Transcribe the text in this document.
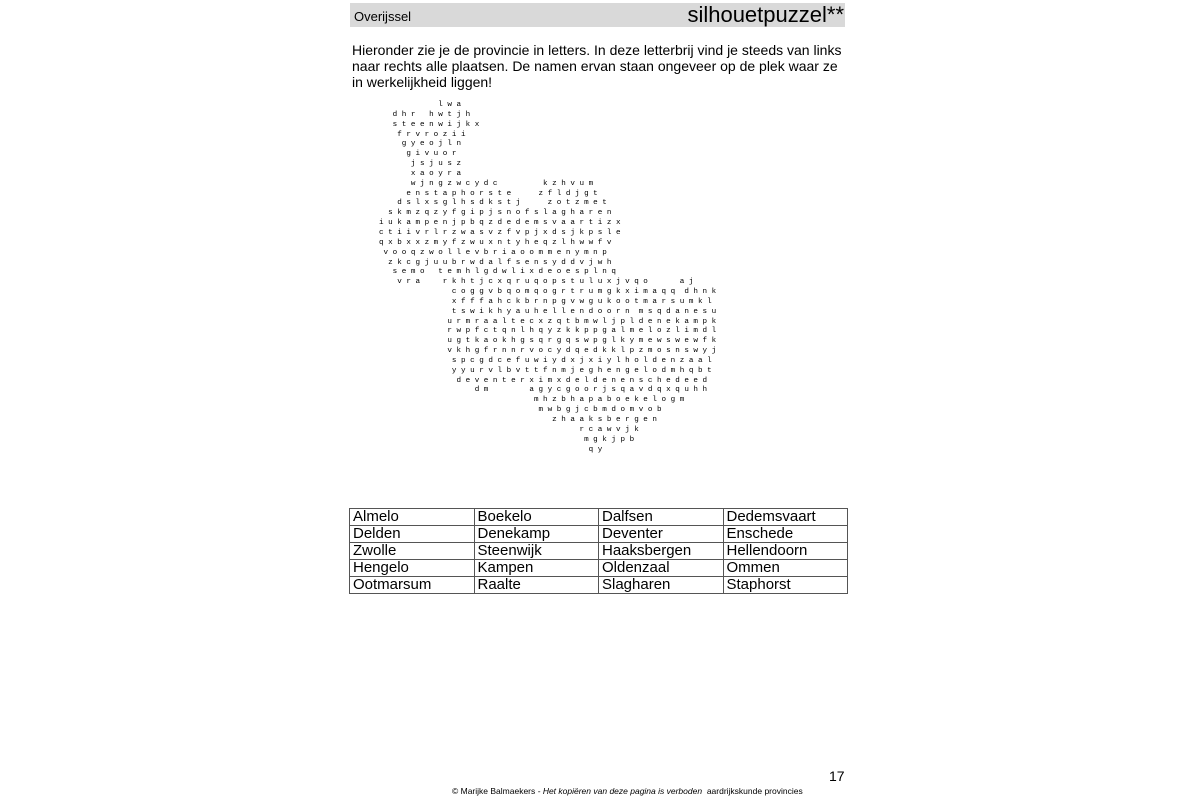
Overijssel	silhouetpuzzel**

Hieronder zie je de provincie in letters. In deze letterbrij vind je steeds van links naar rechts alle plaatsen. De namen ervan staan ongeveer op de plek waar ze in werkelijkheid liggen!

l w a
d h r   h w t j h
s t e e n w i j k x
f r v r o z i i
g y e o j l n
g i v u o r
j s j u s z
x a o y r a
w j n g z w c y d c          k z h v u m
e n s t a p h o r s t e      z f l d j g t
d s l x s g l h s d k s t j      z o t z m e t
s k m z q z y f g i p j s n o f s l a g h a r e n
i u k a m p e n j p b q z d e d e m s v a a r t i z x
c t i i v r l r z w a s v z f v p j x d s j k p s l e
q x b x x z m y f z w u x n t y h e q z l h w w f v
v o o q z w o l l e v b r i a o o m m e n y m n p
z k c g j u u b r w d a l f s e n s y d d v j w h
s e m o   t e m h l g d w l i x d e o e s p l n q
v r a     r k h t j c x q r u q o p s t u l u x j v q o       a j
c o g g v b q o m q o g r t r u m g k x i m a q q  d h n k
x f f f a h c k b r n p g v w g u k o o t m a r s u m k l
t s w i k h y a u h e l l e n d o o r n  m s q d a n e s u
u r m r a a l t e c x z q t b m w l j p l d e n e k a m p k
r w p f c t q n l h q y z k k p p g a l m e l o z l i m d l
u g t k a o k h g s q r g q s w p g l k y m e w s w e w f k
v k h g f r n n r v o c y d q e d k k l p z m o s n s w y j
s p c g d c e f u w i y d x j x i y l h o l d e n z a a l
y y u r v l b v t t f n m j e g h e n g e l o d m h q b t
d e v e n t e r x i m x d e l d e n e n s c h e d e e d
d m         a g y c g o o r j s q a v d q x q u h h
m h z b h a p a b o e k e l o g m
m w b g j c b m d o m v o b
z h a a k s b e r g e n
r c a w v j k
m g k j p b
q y
Almelo	Boekelo	Dalfsen	Dedemsvaart
Delden	Denekamp	Deventer	Enschede
Zwolle	Steenwijk	Haaksbergen	Hellendoorn
Hengelo	Kampen	Oldenzaal	Ommen
Ootmarsum	Raalte	Slagharen	Staphorst
17
© Marijke Balmaekers - Het kopiëren van deze pagina is verboden aardrijkskunde provincies
